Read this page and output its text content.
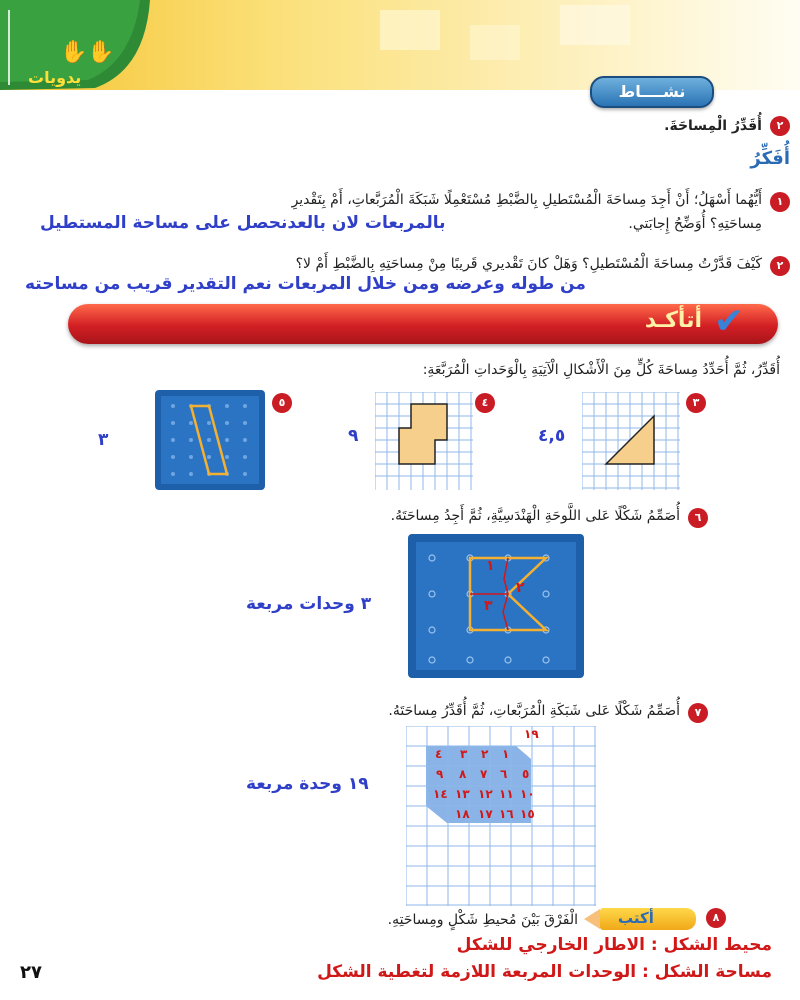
✋✋
يدويات
نشــــاط
٢
أُقَدِّرُ الْمِساحَةَ.
أُفَكِّرُ
١
أَيُّهُما أَسْهَلُ؛ أَنْ أَجِدَ مِساحَةَ الْمُسْتَطيلِ بِالضَّبْطِ مُسْتَعْمِلًا شَبَكَةَ الْمُرَبَّعاتِ، أَمْ بِتَقْديرِ
مِساحَتِهِ؟ أُوَضِّحُ إِجابَتي.
بالمربعات لان بالعدنحصل على مساحة المستطيل
٢
كَيْفَ قَدَّرْتُ مِساحَةَ الْمُسْتَطيلِ؟ وَهَلْ كانَ تَقْديري قَريبًا مِنْ مِساحَتِهِ بِالضَّبْطِ أَمْ لا؟
من طوله وعرضه ومن خلال المربعات نعم التقدير قريب من مساحته
✔
أتأكـد
أُقَدِّرُ، ثُمَّ أُحَدِّدُ مِساحَةَ كُلٍّ مِنَ الْأَشْكالِ الْآتِيَةِ بِالْوَحَداتِ الْمُرَبَّعَةِ:
٣
٤,٥
٤
٩
٥
٣
٦
أُصَمِّمُ شَكْلًا عَلى اللَّوحَةِ الْهَنْدَسِيَّةِ، ثُمَّ أَجِدُ مِساحَتَهُ.
١
٢
٣
٣ وحدات مربعة
٧
أُصَمِّمُ شَكْلًا عَلى شَبَكَةِ الْمُرَبَّعاتِ، ثُمَّ أُقَدِّرُ مِساحَتَهُ.
١
٢
٣
٤
٥
٦
٧
٨
٩
١٠
١١
١٢
١٣
١٤
١٥
١٦
١٧
١٨
١٩
١٩ وحدة مربعة
٨
أكتب
الْفَرْقَ بَيْنَ مُحيطِ شَكْلٍ ومِساحَتِهِ.
محيط الشكل : الاطار الخارجي للشكل
مساحة الشكل : الوحدات المربعة اللازمة لتغطية الشكل
٢٧
